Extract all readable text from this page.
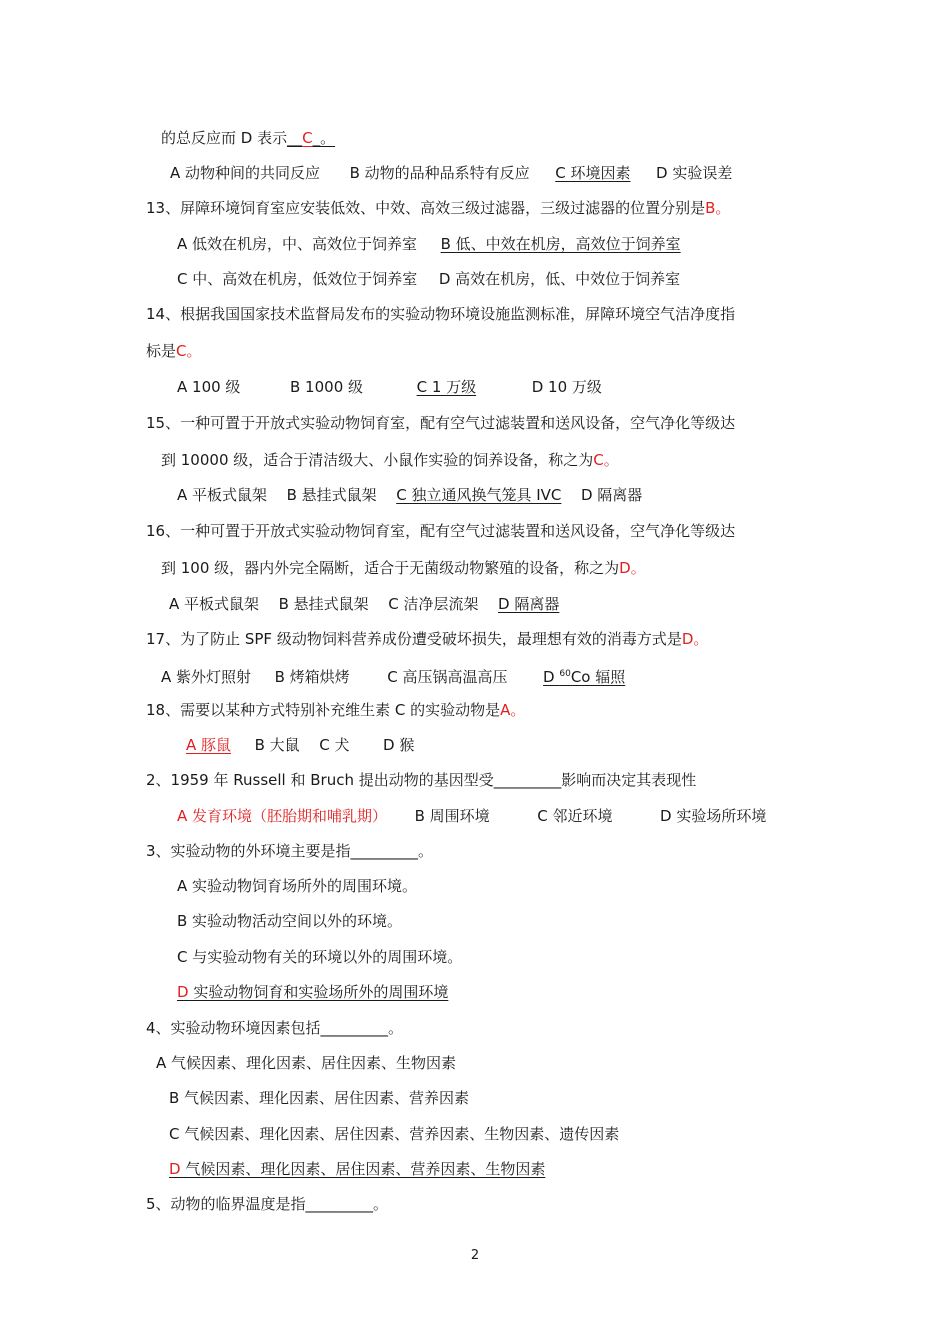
的总反应而 D 表示__C_。
A 动物种间的共同反应 B 动物的品种品系特有反应 C 环境因素 D 实验误差
13、屏障环境饲育室应安装低效、中效、高效三级过滤器，三级过滤器的位置分别是B。
A 低效在机房，中、高效位于饲养室 B 低、中效在机房，高效位于饲养室
C 中、高效在机房，低效位于饲养室 D 高效在机房，低、中效位于饲养室
14、根据我国国家技术监督局发布的实验动物环境设施监测标准，屏障环境空气洁净度指
标是C。
A 100 级	B 1000 级	C 1 万级	D 10 万级
15、一种可置于开放式实验动物饲育室，配有空气过滤装置和送风设备，空气净化等级达
到 10000 级，适合于清洁级大、小鼠作实验的饲养设备，称之为C。
A 平板式鼠架 B 悬挂式鼠架 C 独立通风换气笼具 IVC D 隔离器
16、一种可置于开放式实验动物饲育室，配有空气过滤装置和送风设备，空气净化等级达
到 100 级，器内外完全隔断，适合于无菌级动物繁殖的设备，称之为D。
A 平板式鼠架 B 悬挂式鼠架 C 洁净层流架 D 隔离器
17、为了防止 SPF 级动物饲料营养成份遭受破坏损失，最理想有效的消毒方式是D。
A 紫外灯照射 B 烤箱烘烤	C 高压锅高温高压 D $^{60}$Co 辐照
18、需要以某种方式特别补充维生素 C 的实验动物是A。
A 豚鼠 B 大鼠 C 犬 D 猴
2、1959 年 Russell 和 Bruch 提出动物的基因型受_________影响而决定其表现性
A 发育环境（胚胎期和哺乳期） B 周围环境	C 邻近环境	D 实验场所环境
3、实验动物的外环境主要是指_________。
A 实验动物饲育场所外的周围环境。
B 实验动物活动空间以外的环境。
C 与实验动物有关的环境以外的周围环境。
D 实验动物饲育和实验场所外的周围环境
4、实验动物环境因素包括_________。
A 气候因素、理化因素、居住因素、生物因素
B 气候因素、理化因素、居住因素、营养因素
C 气候因素、理化因素、居住因素、营养因素、生物因素、遗传因素
D 气候因素、理化因素、居住因素、营养因素、生物因素
5、动物的临界温度是指_________。
2
